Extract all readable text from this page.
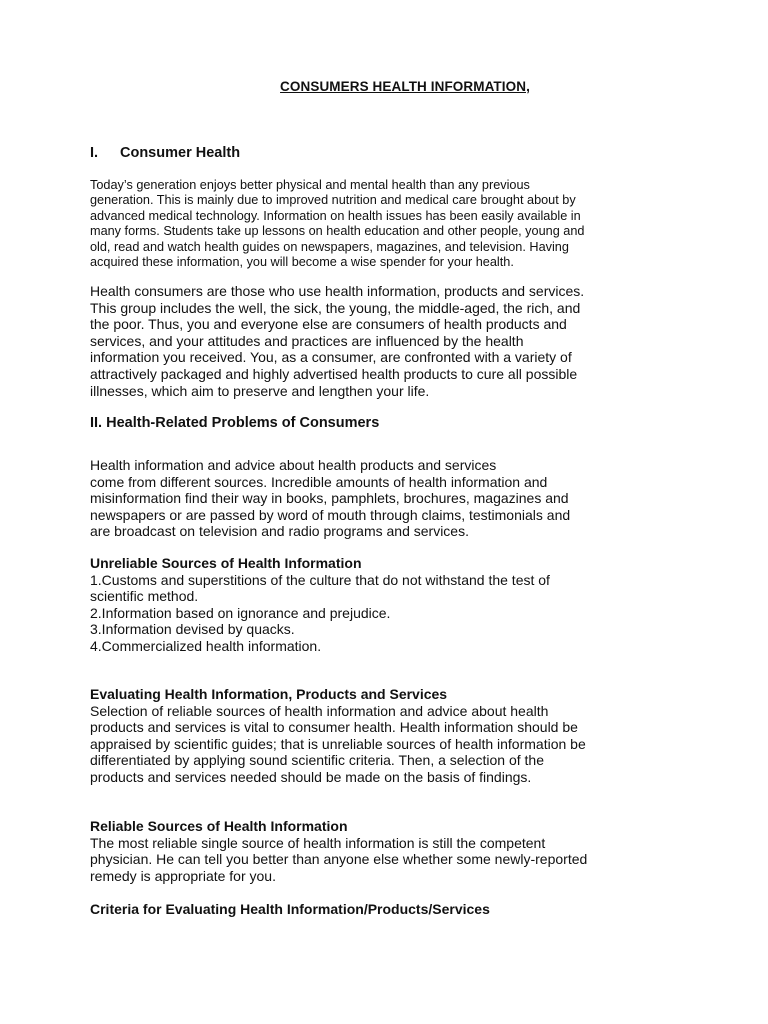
CONSUMERS HEALTH INFORMATION,
I. Consumer Health
Today’s generation enjoys better physical and mental health than any previous
generation. This is mainly due to improved nutrition and medical care brought about by
advanced medical technology. Information on health issues has been easily available in
many forms. Students take up lessons on health education and other people, young and
old, read and watch health guides on newspapers, magazines, and television. Having
acquired these information, you will become a wise spender for your health.
Health consumers are those who use health information, products and services.
This group includes the well, the sick, the young, the middle-aged, the rich, and
the poor. Thus, you and everyone else are consumers of health products and
services, and your attitudes and practices are influenced by the health
information you received. You, as a consumer, are confronted with a variety of
attractively packaged and highly advertised health products to cure all possible
illnesses, which aim to preserve and lengthen your life.
II. Health-Related Problems of Consumers
Health information and advice about health products and services
come from different sources. Incredible amounts of health information and
misinformation find their way in books, pamphlets, brochures, magazines and
newspapers or are passed by word of mouth through claims, testimonials and
are broadcast on television and radio programs and services.
Unreliable Sources of Health Information
1.Customs and superstitions of the culture that do not withstand the test of
scientific method.
2.Information based on ignorance and prejudice.
3.Information devised by quacks.
4.Commercialized health information.
Evaluating Health Information, Products and Services
Selection of reliable sources of health information and advice about health
products and services is vital to consumer health. Health information should be
appraised by scientific guides; that is unreliable sources of health information be
differentiated by applying sound scientific criteria. Then, a selection of the
products and services needed should be made on the basis of findings.
Reliable Sources of Health Information
The most reliable single source of health information is still the competent
physician. He can tell you better than anyone else whether some newly-reported
remedy is appropriate for you.
Criteria for Evaluating Health Information/Products/Services
